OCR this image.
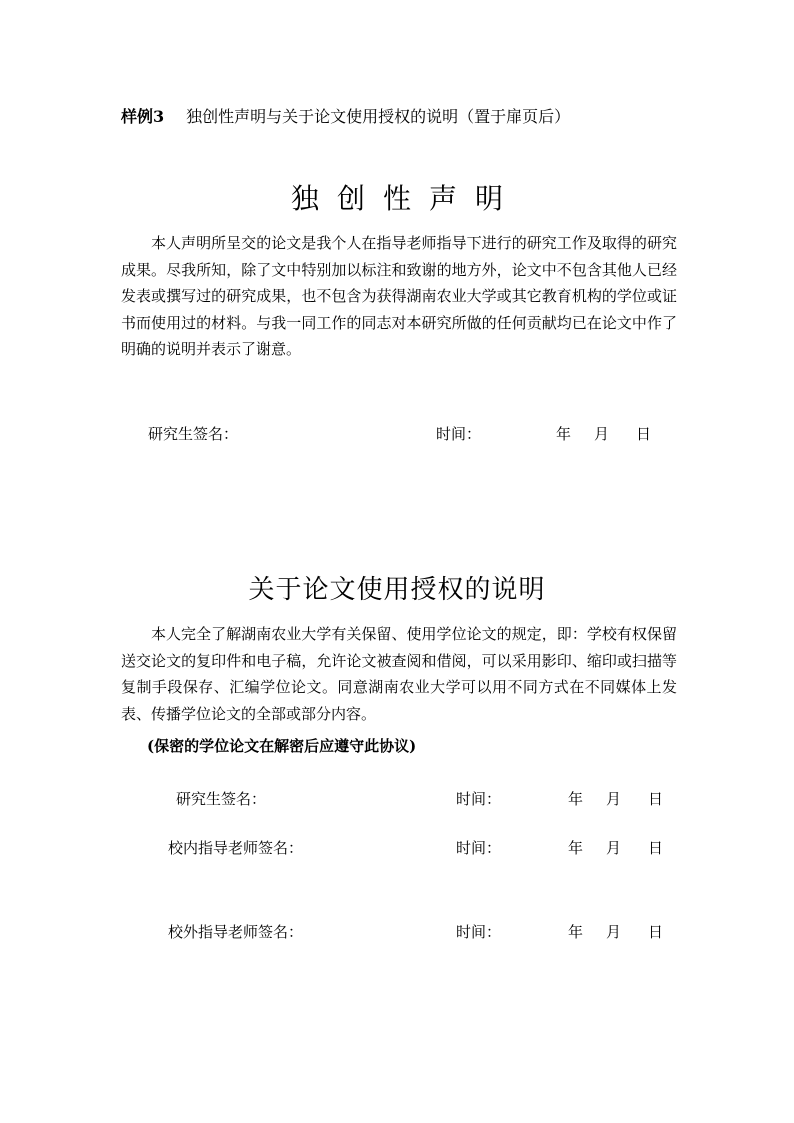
样例3 独创性声明与关于论文使用授权的说明（置于扉页后）
独创性声明
本人声明所呈交的论文是我个人在指导老师指导下进行的研究工作及取得的研究成果。尽我所知，除了文中特别加以标注和致谢的地方外，论文中不包含其他人已经发表或撰写过的研究成果，也不包含为获得湖南农业大学或其它教育机构的学位或证书而使用过的材料。与我一同工作的同志对本研究所做的任何贡献均已在论文中作了明确的说明并表示了谢意。
研究生签名：	时间：	年 月 日
关于论文使用授权的说明
本人完全了解湖南农业大学有关保留、使用学位论文的规定，即：学校有权保留送交论文的复印件和电子稿，允许论文被查阅和借阅，可以采用影印、缩印或扫描等复制手段保存、汇编学位论文。同意湖南农业大学可以用不同方式在不同媒体上发表、传播学位论文的全部或部分内容。
(保密的学位论文在解密后应遵守此协议)
研究生签名：	时间：	年 月 日
校内指导老师签名：	时间：	年 月 日
校外指导老师签名：	时间：	年 月 日
